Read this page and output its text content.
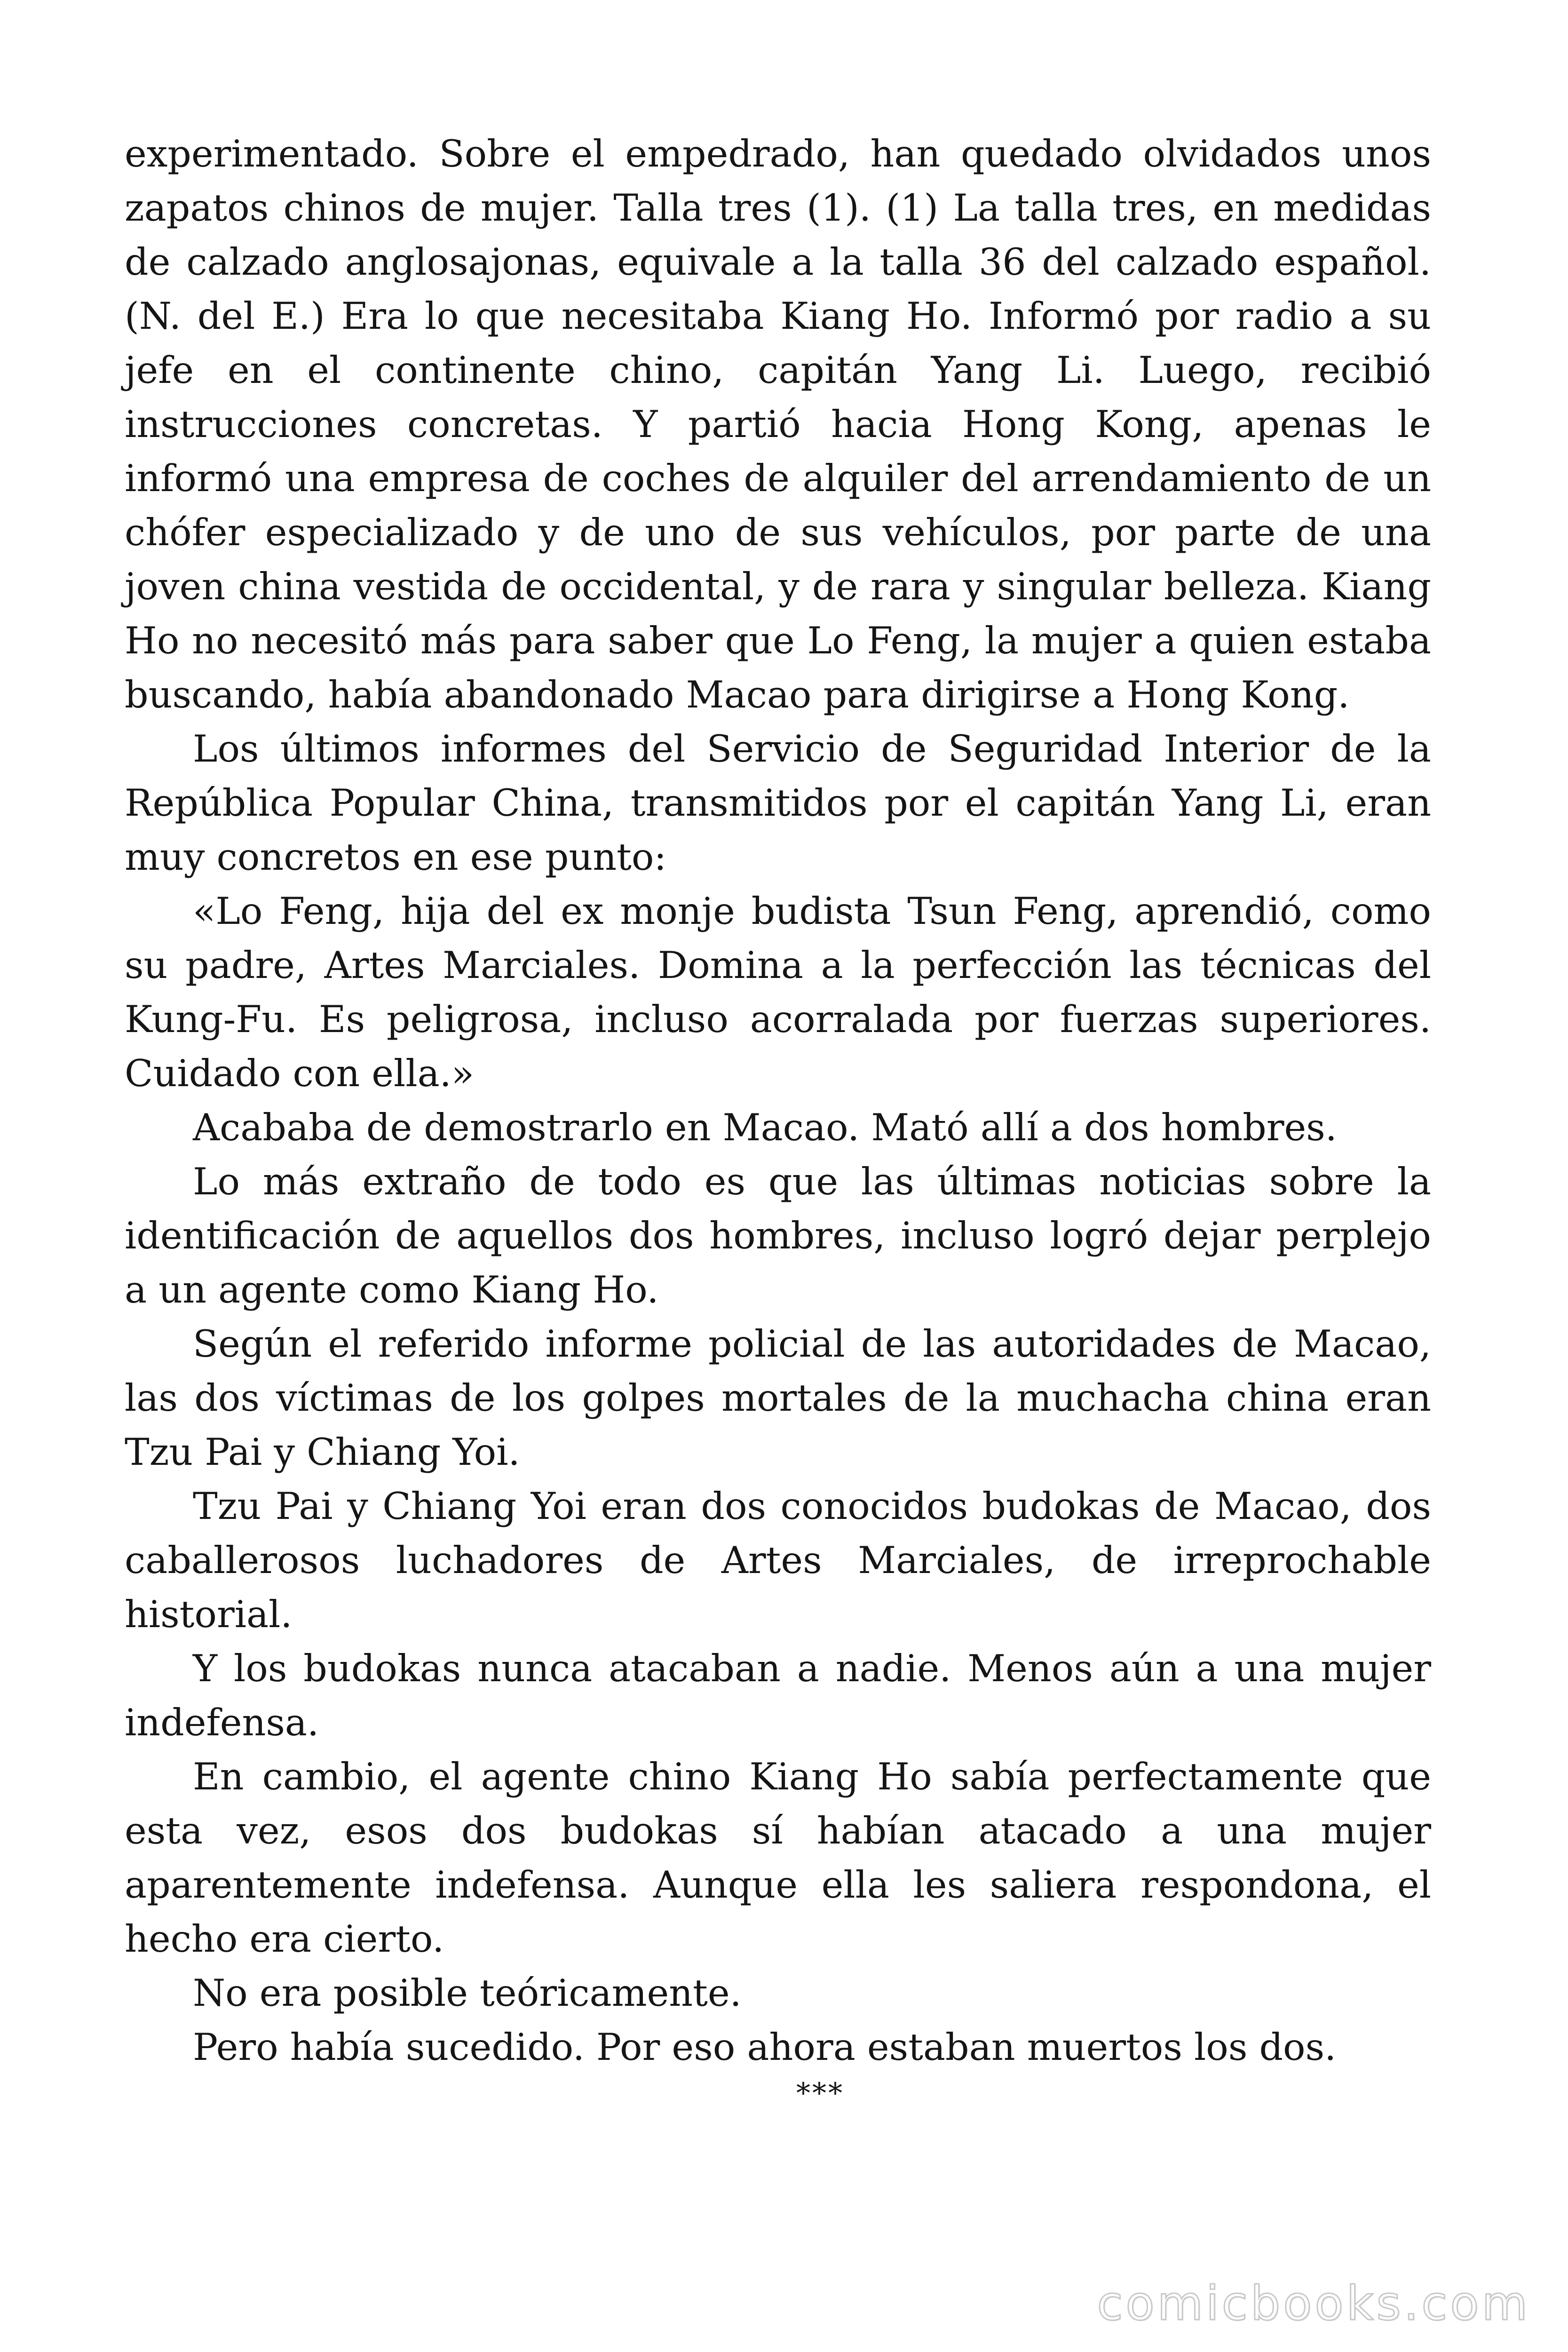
experimentado. Sobre el empedrado, han quedado olvidados unos zapatos chinos de mujer. Talla tres (1). (1) La talla tres, en medidas de calzado anglosajonas, equivale a la talla 36 del calzado español. (N. del E.) Era lo que necesitaba Kiang Ho. Informó por radio a su jefe en el continente chino, capitán Yang Li. Luego, recibió instrucciones concretas. Y partió hacia Hong Kong, apenas le informó una empresa de coches de alquiler del arrendamiento de un chófer especializado y de uno de sus vehículos, por parte de una joven china vestida de occidental, y de rara y singular belleza. Kiang Ho no necesitó más para saber que Lo Feng, la mujer a quien estaba buscando, había abandonado Macao para dirigirse a Hong Kong.

Los últimos informes del Servicio de Seguridad Interior de la República Popular China, transmitidos por el capitán Yang Li, eran muy concretos en ese punto:

«Lo Feng, hija del ex monje budista Tsun Feng, aprendió, como su padre, Artes Marciales. Domina a la perfección las técnicas del Kung-Fu. Es peligrosa, incluso acorralada por fuerzas superiores. Cuidado con ella.»

Acababa de demostrarlo en Macao. Mató allí a dos hombres.

Lo más extraño de todo es que las últimas noticias sobre la identificación de aquellos dos hombres, incluso logró dejar perplejo a un agente como Kiang Ho.

Según el referido informe policial de las autoridades de Macao, las dos víctimas de los golpes mortales de la muchacha china eran Tzu Pai y Chiang Yoi.

Tzu Pai y Chiang Yoi eran dos conocidos budokas de Macao, dos caballerosos luchadores de Artes Marciales, de irreprochable historial.

Y los budokas nunca atacaban a nadie. Menos aún a una mujer indefensa.

En cambio, el agente chino Kiang Ho sabía perfectamente que esta vez, esos dos budokas sí habían atacado a una mujer aparentemente indefensa. Aunque ella les saliera respondona, el hecho era cierto.

No era posible teóricamente.

Pero había sucedido. Por eso ahora estaban muertos los dos.

***
comicbooks.com
